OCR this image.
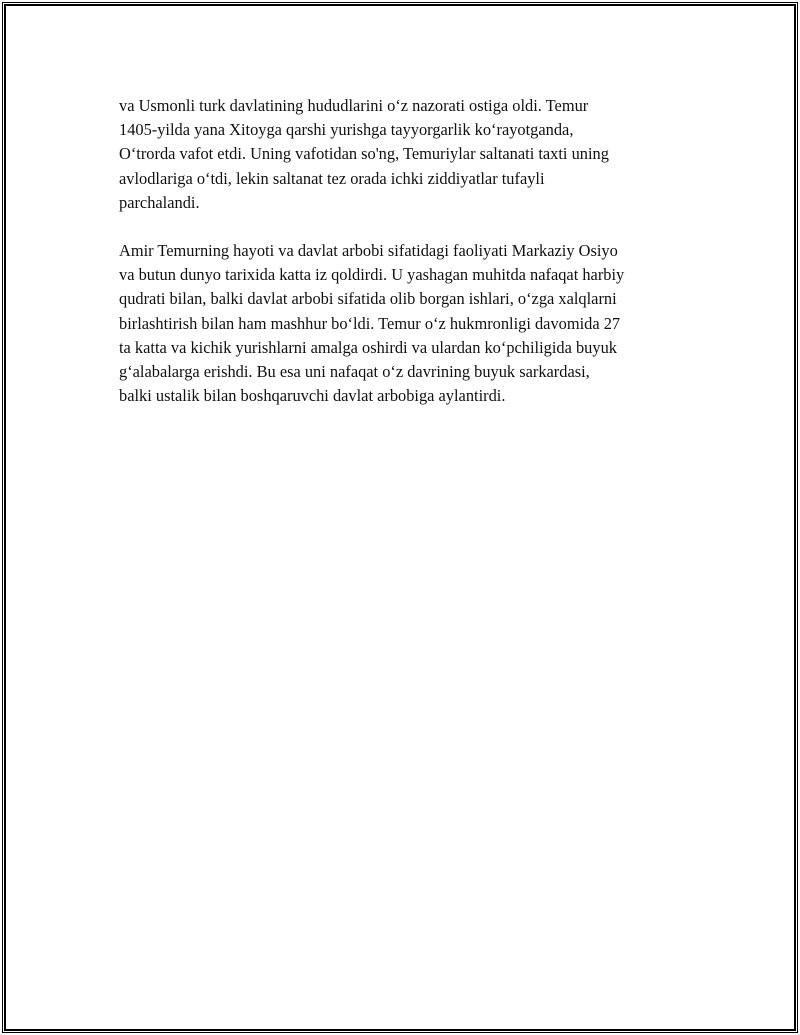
va Usmonli turk davlatining hududlarini o‘z nazorati ostiga oldi. Temur
1405-yilda yana Xitoyga qarshi yurishga tayyorgarlik ko‘rayotganda,
O‘trorda vafot etdi. Uning vafotidan so'ng, Temuriylar saltanati taxti uning
avlodlariga o‘tdi, lekin saltanat tez orada ichki ziddiyatlar tufayli
parchalandi.

Amir Temurning hayoti va davlat arbobi sifatidagi faoliyati Markaziy Osiyo
va butun dunyo tarixida katta iz qoldirdi. U yashagan muhitda nafaqat harbiy
qudrati bilan, balki davlat arbobi sifatida olib borgan ishlari, o‘zga xalqlarni
birlashtirish bilan ham mashhur bo‘ldi. Temur o‘z hukmronligi davomida 27
ta katta va kichik yurishlarni amalga oshirdi va ulardan ko‘pchiligida buyuk
g‘alabalarga erishdi. Bu esa uni nafaqat o‘z davrining buyuk sarkardasi,
balki ustalik bilan boshqaruvchi davlat arbobiga aylantirdi.
